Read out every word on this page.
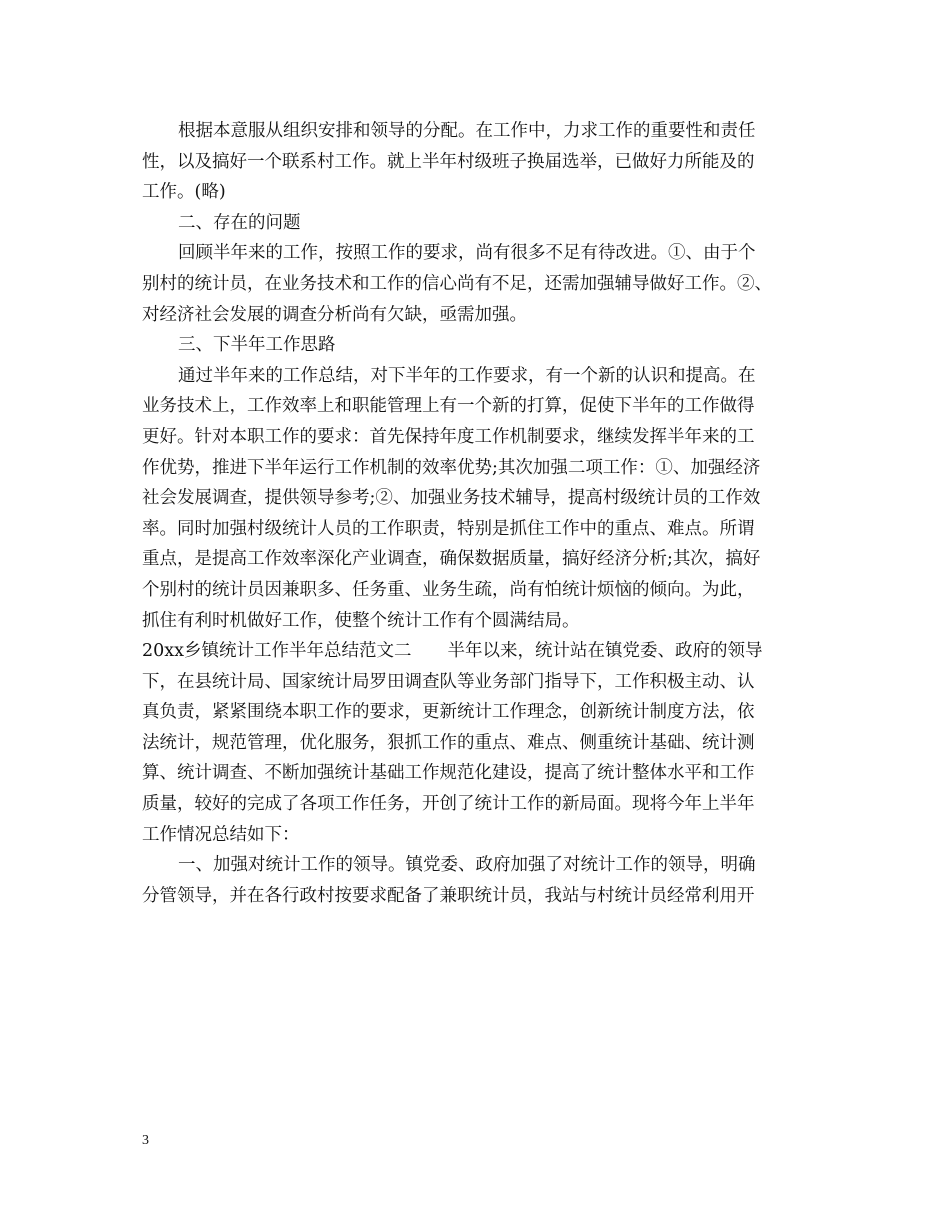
根据本意服从组织安排和领导的分配。在工作中，力求工作的重要性和责任
性，以及搞好一个联系村工作。就上半年村级班子换届选举，已做好力所能及的
工作。(略)
二、存在的问题
回顾半年来的工作，按照工作的要求，尚有很多不足有待改进。①、由于个
别村的统计员，在业务技术和工作的信心尚有不足，还需加强辅导做好工作。②、
对经济社会发展的调查分析尚有欠缺，亟需加强。
三、下半年工作思路
通过半年来的工作总结，对下半年的工作要求，有一个新的认识和提高。在
业务技术上，工作效率上和职能管理上有一个新的打算，促使下半年的工作做得
更好。针对本职工作的要求：首先保持年度工作机制要求，继续发挥半年来的工
作优势，推进下半年运行工作机制的效率优势;其次加强二项工作：①、加强经济
社会发展调查，提供领导参考;②、加强业务技术辅导，提高村级统计员的工作效
率。同时加强村级统计人员的工作职责，特别是抓住工作中的重点、难点。所谓
重点，是提高工作效率深化产业调查，确保数据质量，搞好经济分析;其次，搞好
个别村的统计员因兼职多、任务重、业务生疏，尚有怕统计烦恼的倾向。为此，
抓住有利时机做好工作，使整个统计工作有个圆满结局。
20xx乡镇统计工作半年总结范文二 半年以来，统计站在镇党委、政府的领导
下，在县统计局、国家统计局罗田调查队等业务部门指导下，工作积极主动、认
真负责，紧紧围绕本职工作的要求，更新统计工作理念，创新统计制度方法，依
法统计，规范管理，优化服务，狠抓工作的重点、难点、侧重统计基础、统计测
算、统计调查、不断加强统计基础工作规范化建设，提高了统计整体水平和工作
质量，较好的完成了各项工作任务，开创了统计工作的新局面。现将今年上半年
工作情况总结如下：
一、加强对统计工作的领导。镇党委、政府加强了对统计工作的领导，明确
分管领导，并在各行政村按要求配备了兼职统计员，我站与村统计员经常利用开
3
